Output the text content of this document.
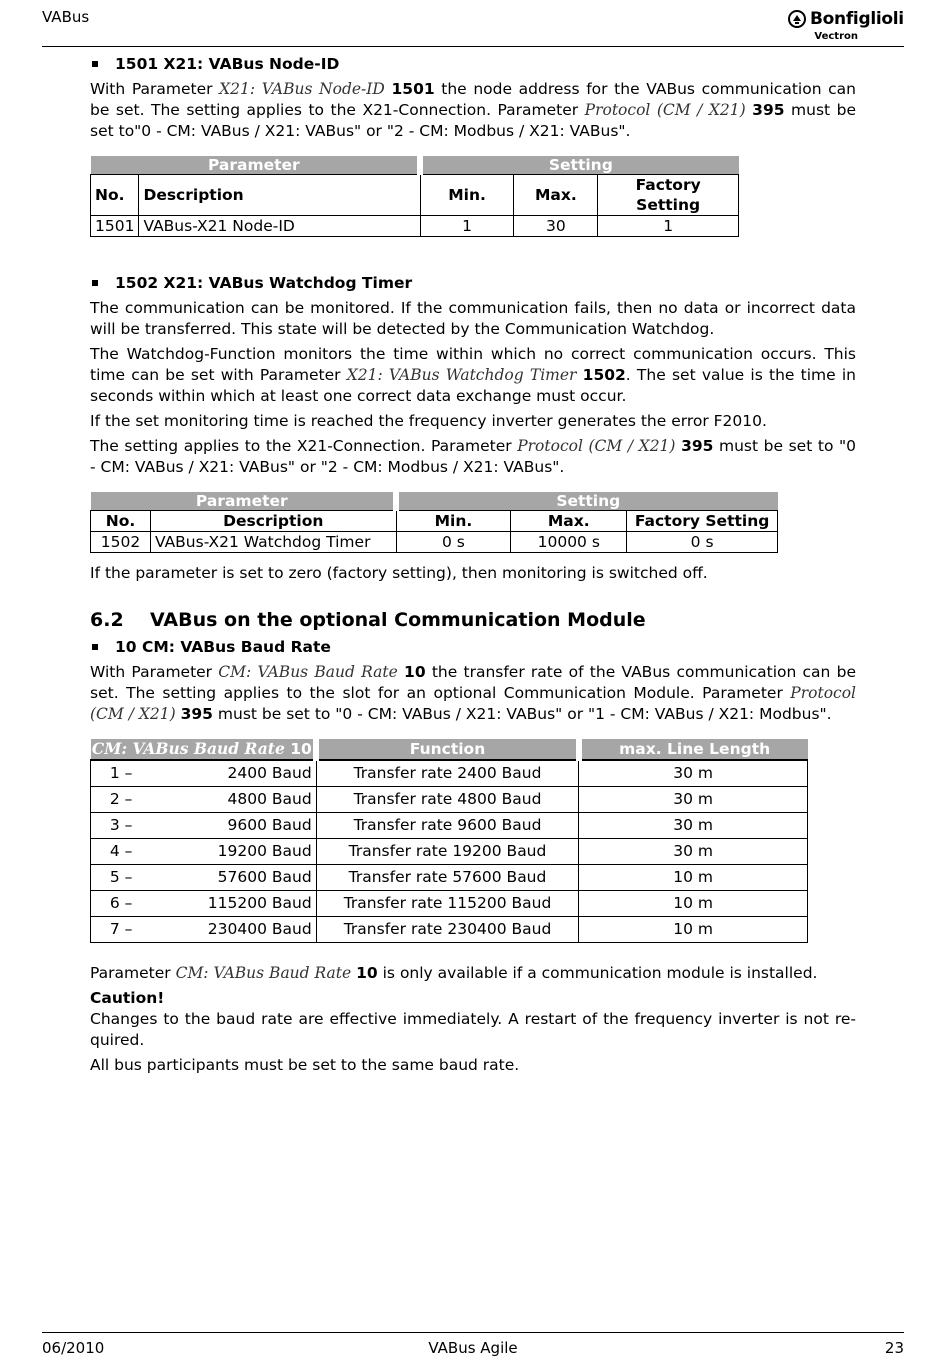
VABus	Bonfiglioli
Vectron
1501 X21: VABus Node-ID

With Parameter X21: VABus Node-ID 1501 the node address for the VABus communication can be set. The setting applies to the X21-Connection. Parameter Protocol (CM / X21) 395 must be set to"0 - CM: VABus / X21: VABus" or "2 - CM: Modbus / X21: VABus".

Parameter		Setting		
No.	Description	Min.	Max.	Factory Setting
1501	VABus-X21 Node-ID	1	30	1
1502 X21: VABus Watchdog Timer

The communication can be monitored. If the communication fails, then no data or incorrect data will be transferred. This state will be detected by the Communication Watchdog.

The Watchdog-Function monitors the time within which no correct communication occurs. This time can be set with Parameter X21: VABus Watchdog Timer 1502. The set value is the time in seconds within which at least one correct data exchange must occur.

If the set monitoring time is reached the frequency inverter generates the error F2010.

The setting applies to the X21-Connection. Parameter Protocol (CM / X21) 395 must be set to "0 - CM: VABus / X21: VABus" or "2 - CM: Modbus / X21: VABus".

Parameter		Setting		
No.	Description	Min.	Max.	Factory Setting
1502	VABus-X21 Watchdog Timer	0 s	10000 s	0 s

If the parameter is set to zero (factory setting), then monitoring is switched off.

6.2 VABus on the optional Communication Module
10 CM: VABus Baud Rate

With Parameter CM: VABus Baud Rate 10 the transfer rate of the VABus communication can be set. The setting applies to the slot for an optional Communication Module. Parameter Protocol (CM / X21) 395 must be set to "0 - CM: VABus / X21: VABus" or "1 - CM: VABus / X21: Modbus".

CM: VABus Baud Rate 10		Function	max. Line Length
1 –	2400 Baud	Transfer rate 2400 Baud	30 m
2 –	4800 Baud	Transfer rate 4800 Baud	30 m
3 –	9600 Baud	Transfer rate 9600 Baud	30 m
4 –	19200 Baud	Transfer rate 19200 Baud	30 m
5 –	57600 Baud	Transfer rate 57600 Baud	10 m
6 –	115200 Baud	Transfer rate 115200 Baud	10 m
7 –	230400 Baud	Transfer rate 230400 Baud	10 m

Parameter CM: VABus Baud Rate 10 is only available if a communication module is installed.

Caution!

Changes to the baud rate are effective immediately. A restart of the frequency inverter is not re-quired.

All bus participants must be set to the same baud rate.

06/2010	VABus Agile	23
